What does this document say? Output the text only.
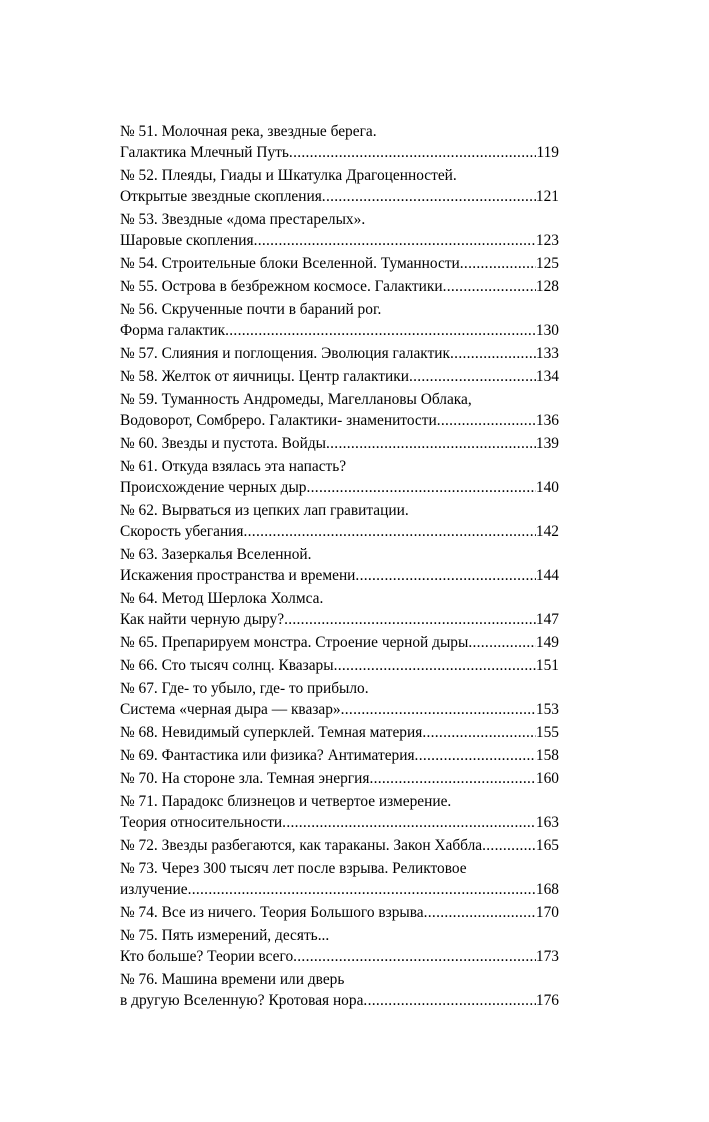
№ 51. Молочная река, звездные берега.
Галактика Млечный Путь .....	119
№ 52. Плеяды, Гиады и Шкатулка Драгоценностей.
Открытые звездные скопления .....	121
№ 53. Звездные «дома престарелых».
Шаровые скопления .....	123
№ 54. Строительные блоки Вселенной. Туманности .....	125
№ 55. Острова в безбрежном космосе. Галактики .....	128
№ 56. Скрученные почти в бараний рог.
Форма галактик .....	130
№ 57. Слияния и поглощения. Эволюция галактик .....	133
№ 58. Желток от яичницы. Центр галактики .....	134
№ 59. Туманность Андромеды, Магеллановы Облака,
Водоворот, Сомбреро. Галактики- знаменитости .....	136
№ 60. Звезды и пустота. Войды .....	139
№ 61. Откуда взялась эта напасть?
Происхождение черных дыр .....	140
№ 62. Вырваться из цепких лап гравитации.
Скорость убегания .....	142
№ 63. Зазеркалья Вселенной.
Искажения пространства и времени .....	144
№ 64. Метод Шерлока Холмса.
Как найти черную дыру? .....	147
№ 65. Препарируем монстра. Строение черной дыры .....	149
№ 66. Сто тысяч солнц. Квазары .....	151
№ 67. Где- то убыло, где- то прибыло.
Система «черная дыра — квазар» .....	153
№ 68. Невидимый суперклей. Темная материя .....	155
№ 69. Фантастика или физика? Антиматерия .....	158
№ 70. На стороне зла. Темная энергия .....	160
№ 71. Парадокс близнецов и четвертое измерение.
Теория относительности .....	163
№ 72. Звезды разбегаются, как тараканы. Закон Хаббла .....	165
№ 73. Через 300 тысяч лет после взрыва. Реликтовое
излучение .....	168
№ 74. Все из ничего. Теория Большого взрыва .....	170
№ 75. Пять измерений, десять...
Кто больше? Теории всего .....	173
№ 76. Машина времени или дверь
в другую Вселенную? Кротовая нора .....	176
